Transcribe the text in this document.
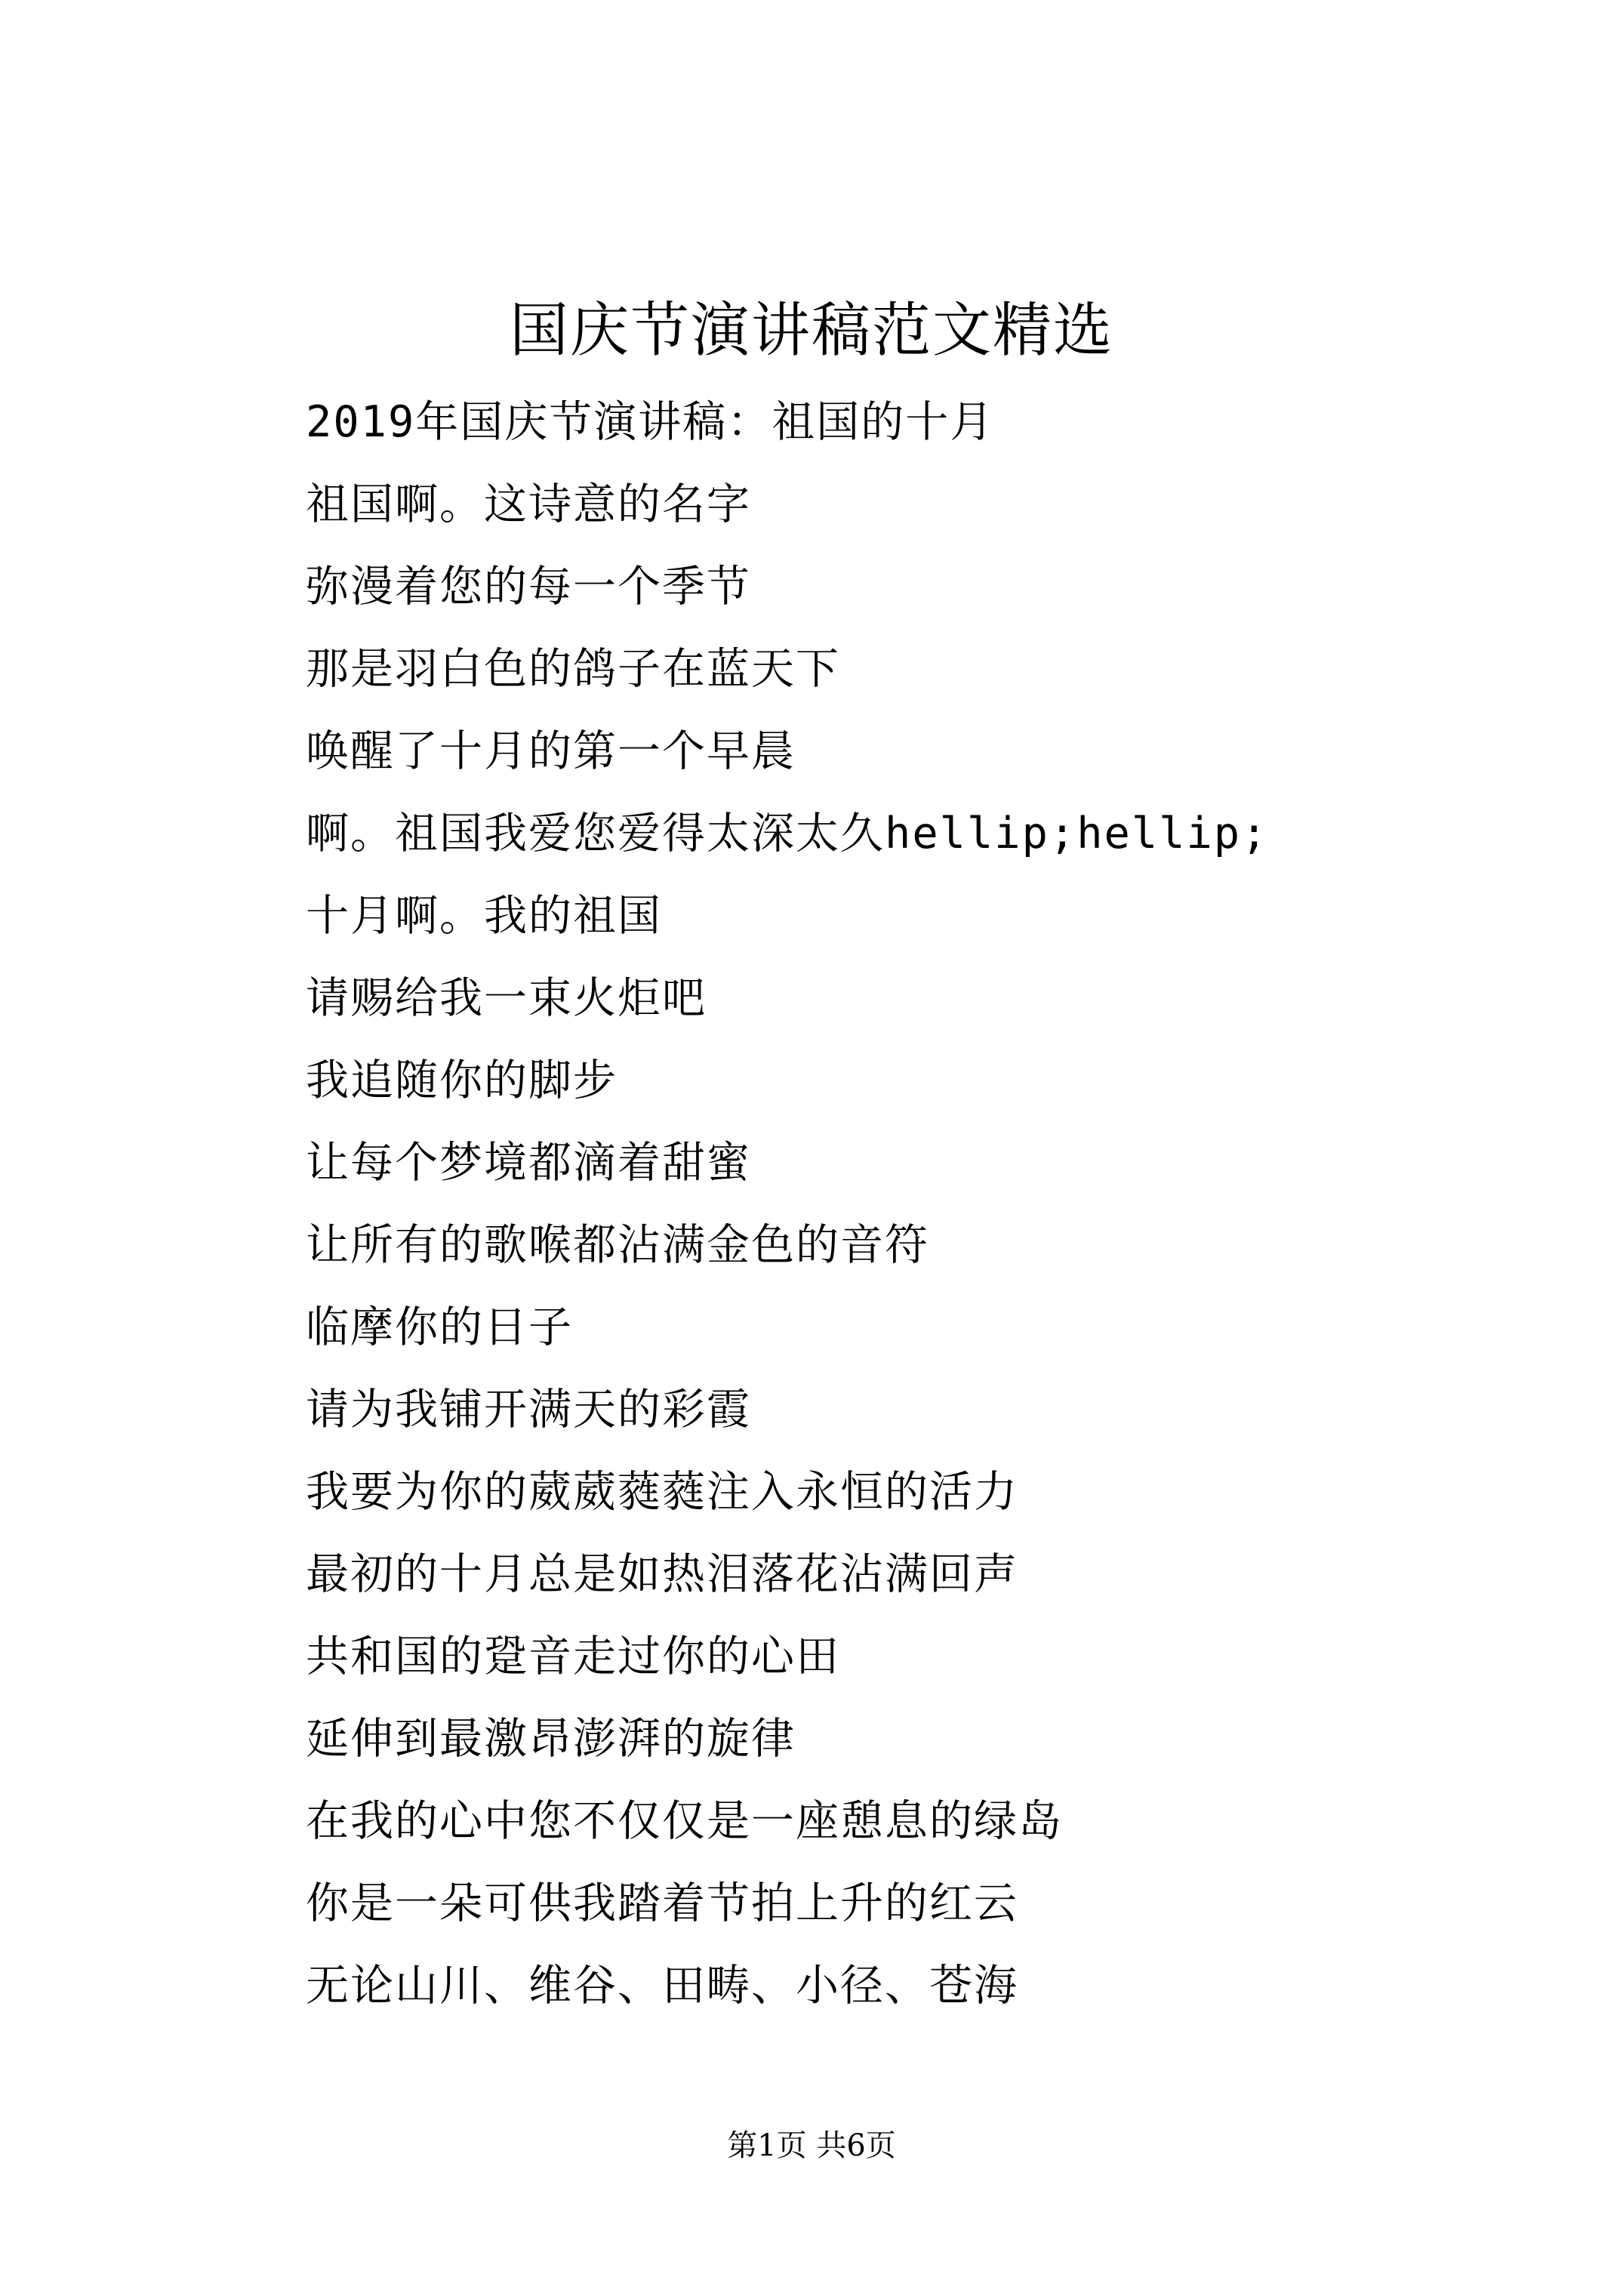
国庆节演讲稿范文精选
2019年国庆节演讲稿：祖国的十月
祖国啊。这诗意的名字
弥漫着您的每一个季节
那是羽白色的鸽子在蓝天下
唤醒了十月的第一个早晨
啊。祖国我爱您爱得太深太久hellip;hellip;
十月啊。我的祖国
请赐给我一束火炬吧
我追随你的脚步
让每个梦境都滴着甜蜜
让所有的歌喉都沾满金色的音符
临摩你的日子
请为我铺开满天的彩霞
我要为你的葳葳蕤蕤注入永恒的活力
最初的十月总是如热泪落花沾满回声
共和国的跫音走过你的心田
延伸到最激昂澎湃的旋律
在我的心中您不仅仅是一座憩息的绿岛
你是一朵可供我踏着节拍上升的红云
无论山川、维谷、田畴、小径、苍海
第1页 共6页
